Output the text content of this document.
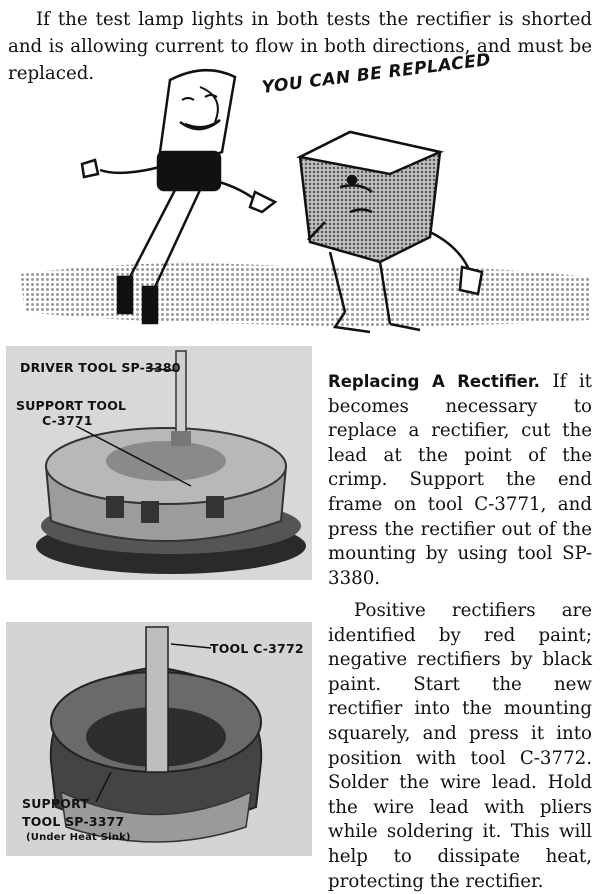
If the test lamp lights in both tests the rectifier is shorted and is allowing current to flow in both directions, and must be replaced.	YOU CAN BE REPLACED
DRIVER TOOL SP-3380
SUPPORT TOOL
C-3771

Replacing A Rectifier. If it becomes necessary to replace a rectifier, cut the lead at the point of the crimp. Support the end frame on tool C-3771, and press the rectifier out of the mounting by using tool SP-3380.

TOOL C-3772
SUPPORT
TOOL SP-3377
(Under Heat Sink)

Positive rectifiers are identified by red paint; negative rectifiers by black paint. Start the new rectifier into the mounting squarely, and press it into position with tool C-3772. Solder the wire lead. Hold the wire lead with pliers while soldering it. This will help to dissipate heat, protecting the rectifier.
